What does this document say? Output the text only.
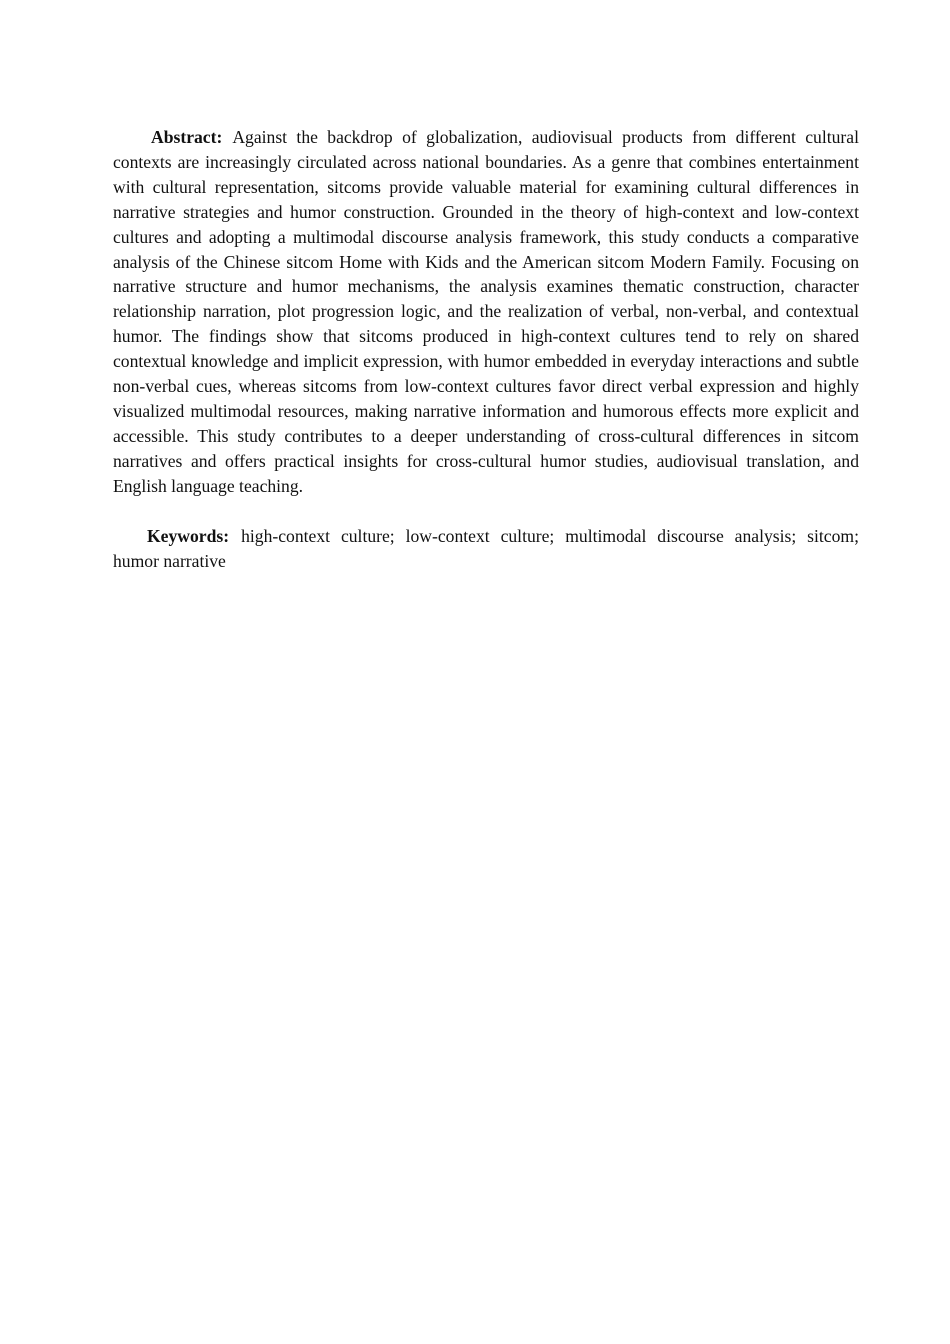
Abstract: Against the backdrop of globalization, audiovisual products from different cultural contexts are increasingly circulated across national boundaries. As a genre that combines entertainment with cultural representation, sitcoms provide valuable material for examining cultural differences in narrative strategies and humor construction. Grounded in the theory of high-context and low-context cultures and adopting a multimodal discourse analysis framework, this study conducts a comparative analysis of the Chinese sitcom Home with Kids and the American sitcom Modern Family. Focusing on narrative structure and humor mechanisms, the analysis examines thematic construction, character relationship narration, plot progression logic, and the realization of verbal, non-verbal, and contextual humor. The findings show that sitcoms produced in high-context cultures tend to rely on shared contextual knowledge and implicit expression, with humor embedded in everyday interactions and subtle non-verbal cues, whereas sitcoms from low-context cultures favor direct verbal expression and highly visualized multimodal resources, making narrative information and humorous effects more explicit and accessible. This study contributes to a deeper understanding of cross-cultural differences in sitcom narratives and offers practical insights for cross-cultural humor studies, audiovisual translation, and English language teaching.

Keywords: high-context culture; low-context culture; multimodal discourse analysis; sitcom; humor narrative
